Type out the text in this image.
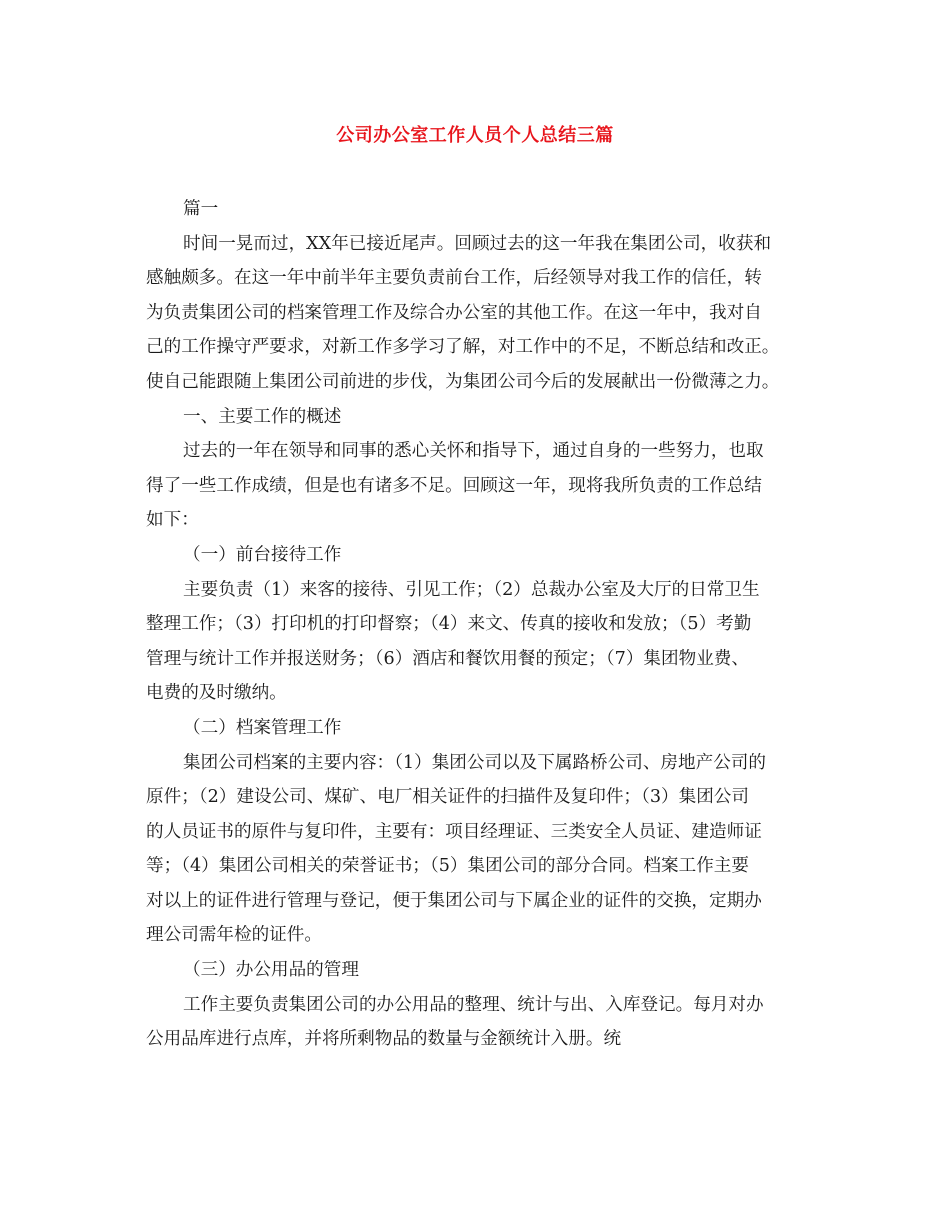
公司办公室工作人员个人总结三篇
篇一
时间一晃而过，XX年已接近尾声。回顾过去的这一年我在集团公司，收获和
感触颇多。在这一年中前半年主要负责前台工作，后经领导对我工作的信任，转
为负责集团公司的档案管理工作及综合办公室的其他工作。在这一年中，我对自
己的工作操守严要求，对新工作多学习了解，对工作中的不足，不断总结和改正。
使自己能跟随上集团公司前进的步伐，为集团公司今后的发展献出一份微薄之力。
一、主要工作的概述
过去的一年在领导和同事的悉心关怀和指导下，通过自身的一些努力，也取
得了一些工作成绩，但是也有诸多不足。回顾这一年，现将我所负责的工作总结
如下：
（一）前台接待工作
主要负责（1）来客的接待、引见工作；（2）总裁办公室及大厅的日常卫生
整理工作；（3）打印机的打印督察；（4）来文、传真的接收和发放；（5）考勤
管理与统计工作并报送财务；（6）酒店和餐饮用餐的预定；（7）集团物业费、
电费的及时缴纳。
（二）档案管理工作
集团公司档案的主要内容：（1）集团公司以及下属路桥公司、房地产公司的
原件；（2）建设公司、煤矿、电厂相关证件的扫描件及复印件；（3）集团公司
的人员证书的原件与复印件，主要有：项目经理证、三类安全人员证、建造师证
等；（4）集团公司相关的荣誉证书；（5）集团公司的部分合同。档案工作主要
对以上的证件进行管理与登记，便于集团公司与下属企业的证件的交换，定期办
理公司需年检的证件。
（三）办公用品的管理
工作主要负责集团公司的办公用品的整理、统计与出、入库登记。每月对办
公用品库进行点库，并将所剩物品的数量与金额统计入册。统
